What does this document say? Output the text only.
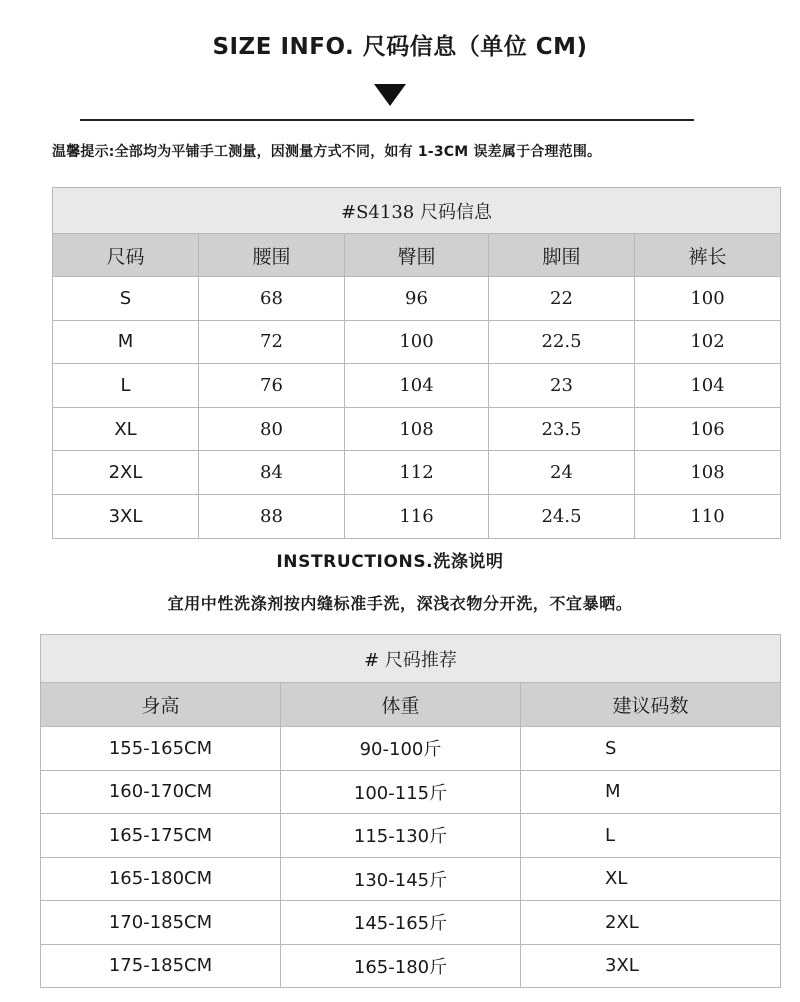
SIZE INFO. 尺码信息（单位 CM)
温馨提示:全部均为平铺手工测量，因测量方式不同，如有 1-3CM 误差属于合理范围。
#S4138 尺码信息				
尺码	腰围	臀围	脚围	裤长
S	68	96	22	100
M	72	100	22.5	102
L	76	104	23	104
XL	80	108	23.5	106
2XL	84	112	24	108
3XL	88	116	24.5	110
INSTRUCTIONS.洗涤说明
宜用中性洗涤剂按内缝标准手洗，深浅衣物分开洗，不宜暴晒。
# 尺码推荐		
身高	体重	建议码数
155-165CM	90-100斤	S
160-170CM	100-115斤	M
165-175CM	115-130斤	L
165-180CM	130-145斤	XL
170-185CM	145-165斤	2XL
175-185CM	165-180斤	3XL
